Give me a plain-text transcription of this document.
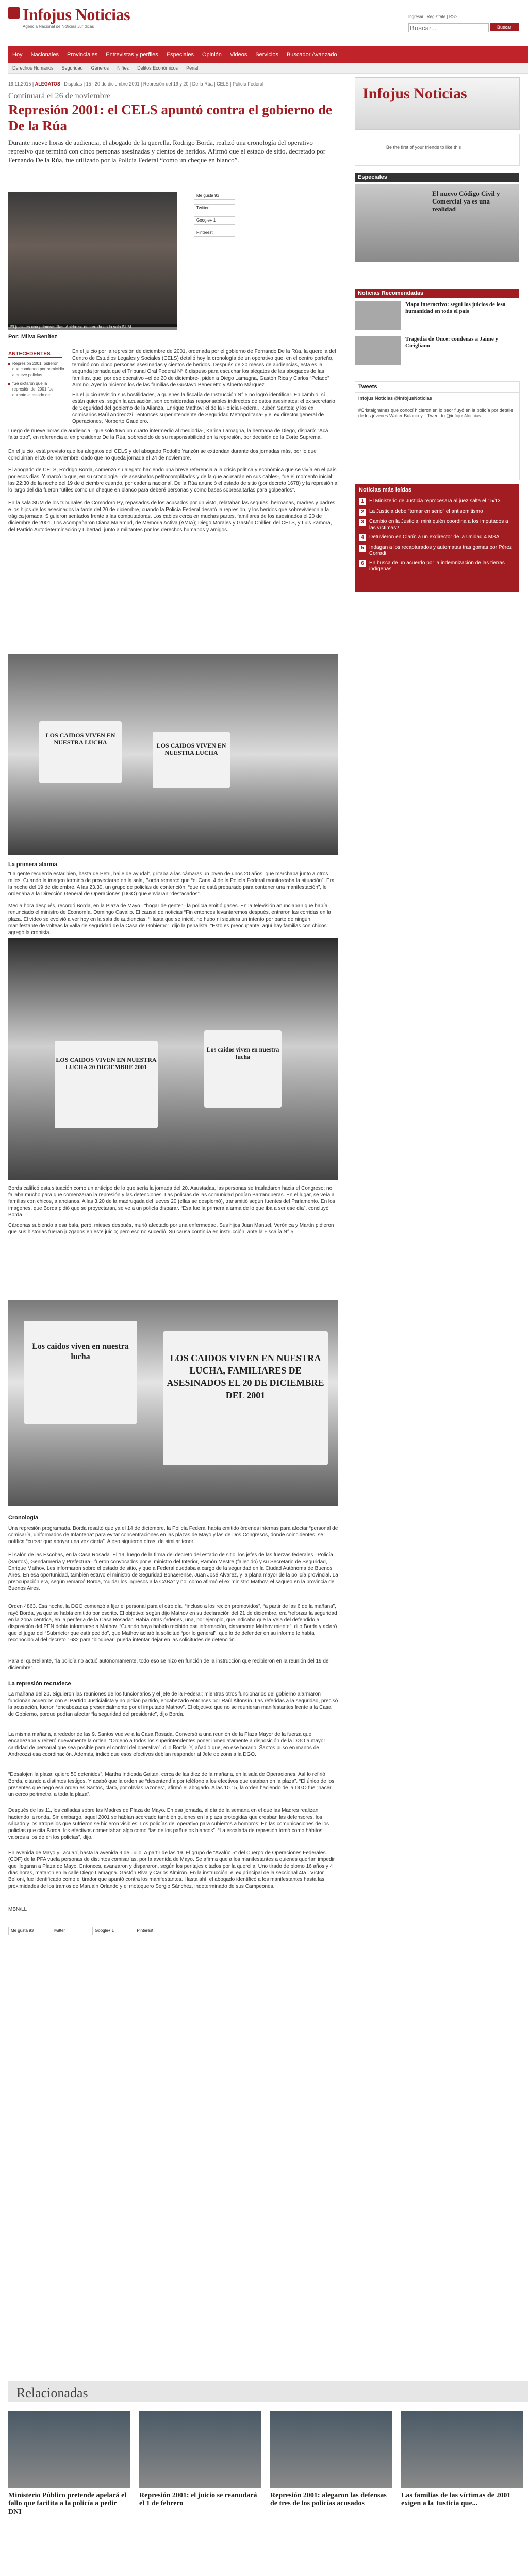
Infojus Noticias
Agencia Nacional de Noticias Jurídicas
Ingresar | Registrate | RSS
Buscar...
Buscar
Hoy Nacionales Provinciales Entrevistas y perfiles Especiales Opinión Videos Servicios Buscador Avanzado
Derechos Humanos Seguridad Géneros Niñez Delitos Económicos Penal
19.11.2015 | ALEGATOS | Disputas | 15 | 20 de diciembre 2001 | Represión del 19 y 20 | De la Rúa | CELS | Policía Federal
Continuará el 26 de noviembre
Represión 2001: el CELS apuntó contra el gobierno de De la Rúa

Durante nueve horas de audiencia, el abogado de la querella, Rodrigo Borda, realizó una cronología del operativo represivo que terminó con cinco personas asesinadas y cientos de heridos. Afirmó que el estado de sitio, decretado por Fernando De la Rúa, fue utilizado por la Policía Federal “como un cheque en blanco”.

El juicio es una primeras lilas. Abiria: se desarrolla en la sala SUM
Por: Milva Benítez
Me gusta 93
Twitter
Google+ 1
Pinterest
ANTECEDENTES
Represión 2001: pidieron que condenen por homicidio a nueve policías
“Se dictaron que la represión del 2001 fue durante el estado de...

En el juicio por la represión de diciembre de 2001, ordenada por el gobierno de Fernando De la Rúa, la querella del Centro de Estudios Legales y Sociales (CELS) detalló hoy la cronología de un operativo que, en el centro porteño, terminó con cinco personas asesinadas y cientos de heridos. Después de 20 meses de audiencias, esta es la segunda jornada que el Tribunal Oral Federal N° 6 dispuso para escuchar los alegatos de las abogados de las familias, que, por ese operativo –el de 20 de diciembre-, piden a Diego Lamagna, Gastón Rica y Carlos “Pelado” Armiño. Ayer lo hicieron los de las familias de Gustavo Benedetto y Alberto Márquez.

En el juicio revisión sus hostilidades, a quienes la fiscalía de Instrucción N° 5 no logró identificar. En cambio, sí están quienes, según la acusación, son consideradas responsables indirectos de estos asesinatos: el ex secretario de Seguridad del gobierno de la Alianza, Enrique Mathov; el de la Policía Federal, Rubén Santos; y los ex comisarios Raúl Andreozzi –entonces superintendente de Seguridad Metropolitana- y el ex director general de Operaciones, Norberto Gaudiero.

Luego de nueve horas de audiencia –que sólo tuvo un cuarto intermedio al mediodía-, Karina Lamagna, la hermana de Diego, disparó: “Acá falta otro”, en referencia al ex presidente De la Rúa, sobreseído de su responsabilidad en la represión, por decisión de la Corte Suprema.

En el juicio, está previsto que los alegatos del CELS y del abogado Rodolfo Yanzón se extiendan durante dos jornadas más, por lo que concluirían el 26 de noviembre, dado que no queda jornada el 24 de noviembre.

El abogado de CELS, Rodrigo Borda, comenzó su alegato haciendo una breve referencia a la crisis política y económica que se vivía en el país por esos días. Y marcó lo que, en su cronología –de asesinatos petitocomplitados y de la que acusarán en sus cables-, fue el momento inicial: las 22:30 de la noche del 19 de diciembre cuando, por cadena nacional, De la Rúa anunció el estado de sitio (por decreto 1678) y la represión a lo largo del día fueron “útiles como un cheque en blanco para deberé personas y como bases sobresaltarlas para golpearlos”.

En la sala SUM de los tribunales de Comodoro Py, repasados de los acusados por un visto, relataban las sequías, hermanas, madres y padres e los hijos de los asesinados la tarde del 20 de diciembre, cuando la Policía Federal desató la represión, y los heridos que sobrevivieron a la trágica jornada. Siguieron sentados frente a las computadoras. Los cables cerca en muchas partes, familiares de los asesinados el 20 de diciembre de 2001. Los acompañaron Diana Malamud, de Memoria Activa (AMIA); Diego Morales y Gastón Chillier, del CELS, y Luis Zamora, del Partido Autodeterminación y Libertad, junto a militantes por los derechos humanos y amigos.

LOS CAIDOS VIVEN EN NUESTRA LUCHA	LOS CAIDOS VIVEN EN NUESTRA LUCHA
La primera alarma

“La gente recuerda estar bien, hasta de Petri, baile de ayudal”, gritaba a las cámaras un joven de unos 20 años, que marchaba junto a otros miles. Cuando la imagen terminó de proyectarse en la sala, Borda remarcó que “el Canal 4 de la Policía Federal monitoreaba la situación”. Era la noche del 19 de diciembre. A las 23.30, un grupo de policías de contención, “que no está preparado para contener una manifestación”, le ordenaba a la Dirección General de Operaciones (DGO) que enviaran “destacados”.

Media hora después, recordó Borda, en la Plaza de Mayo –“hogar de gente”– la policía emitió gases. En la televisión anunciaban que había renunciado el ministro de Economía, Domingo Cavallo. El causal de noticias “Fin entonces levantaremos después, entraron las corridas en la plaza. El video se evolvió a ver hoy en la sala de audiencias. “Hasta que se inicié, no hubo ni siquiera un intento por parte de ningún manifestante de volteas la valla de seguridad de la Casa de Gobierno”, dijo la penalista. “Esto es preocupante, aquí hay familias con chicos”, agregó la cronista.

LOS CAIDOS VIVEN EN NUESTRA LUCHA 20 DICIEMBRE 2001
Los caidos viven en nuestra lucha

Borda calificó esta situación como un anticipo de lo que sería la jornada del 20. Asustadas, las personas se trasladaron hacia el Congreso: no fallaba mucho para que comenzaran la represión y las detenciones. Las policías de las comunidad podían Barranqueras. En el lugar, se veía a familias con chicos, a ancianos. A las 3.20 de la madrugada del jueves 20 (ellas se desplomó), transmitió según fuentes del Parlamento. En los imagenes, que Borda pidió que se proyectaran, se ve a un policía disparar. “Esa fue la primera alarma de lo que iba a ser ese día”, concluyó Borda.

Cárdenas subiendo a esa bala, peró, mieses después, murió afectado por una enfermedad. Sus hijos Juan Manuel, Verónica y Martín pidieron que sus historias fueran juzgados en este juicio; pero eso no sucedió. Su causa continúa en instrucción, ante la Fiscalía N° 5.

Los caidos viven en nuestra lucha	LOS CAIDOS VIVEN EN NUESTRA LUCHA, FAMILIARES DE ASESINADOS EL 20 DE DICIEMBRE DEL 2001
Cronología

Una represión programada. Borda resaltó que ya el 14 de diciembre, la Policía Federal había emitido órdenes internas para afectar “personal de comisaría, uniformados de Infantería” para evitar concentraciones en las plazas de Mayo y las de Dos Congresos, donde coincidentes, se notifica “cursar que apoyar una vez cierta”. A eso siguieron otras, de similar tenor.

El salón de las Escobas, en la Casa Rosada. El 19, luego de la firma del decreto del estado de sitio, los jefes de las fuerzas federales –Policía (Santos), Gendarmería y Prefectura– fueron convocados por el ministro del Interior, Ramón Mestre (fallecido) y su Secretario de Seguridad, Enrique Mathov. Les informaron sobre el estado de sitio, y que a Federal quedaba a cargo de la seguridad en la Ciudad Autónoma de Buenos Aires. En esa oportunidad, también estuvo el ministro de Seguridad Bonaerense, Juan José Álvarez, y la plana mayor de la policía provincial. La preocupación era, según remarcó Borda, “cuidar los ingresos a la CABA” y no, como afirmó el ex ministro Mathov, el saqueo en la provincia de Buenos Aires.

Orden 4863. Esa noche, la DGO comenzó a fijar el personal para el otro día, “incluso a los recién promovidos”, “a partir de las 6 de la mañana”, rayó Borda, ya que se había emitido por escrito. El objetivo: según dijo Mathov en su declaración del 21 de diciembre, era “reforzar la seguridad en la zona céntrica, en la periferia de la Casa Rosada”. Había otras órdenes, una, por ejemplo, que indicaba que la Vela del defendido a disposición del PEN debía informarse a Mathov. “Cuando haya habido recibido esa información, claramente Mathov miente”, dijo Borda y aclaró que el jugar del “Subrrictor que está pedido”, que Mathov aclaró la solicitud “por lo general”, que lo de defender en su informe le había reconocido al del decreto 1682 para “bloquear” pueda intentar dejar en las solicitudes de detención.

Para el querellante, “la policía no actuó autónomamente, todo eso se hizo en función de la instrucción que recibieron en la reunión del 19 de diciembre”.

La represión recrudece

La mañana del 20. Siguieron las reuniones de los funcionarios y el jefe de la Federal; mientras otros funcionarios del gobierno alarmaron funcionan acuerdos con el Partido Justicialista y no pidían partido, encabezado entonces por Raúl Alfonsín. Las referidas a la seguridad, precisó la acusación, fueron “encabezadas presencialmente por el imputado Mathov”. El objetivo: que no se reunieran manifestantes frente a la Casa de Gobierno, porque podían afectar “la seguridad del presidente”, dijo Borda.

La misma mañana, alrededor de las 9. Santos vuelve a la Casa Rosada. Conversó a una reunión de la Plaza Mayor de la fuerza que encabezaba y reiteró nuevamente la orden: “Ordenó a todos los superintendentes poner inmediatamente a disposición de la DGO a mayor cantidad de personal que sea posible para el control del operativo”, dijo Borda. Y, añadió que, en ese horario, Santos puso en manos de Andreozzi esa coordinación. Además, indicó que esos efectivos debían responder al Jefe de zona a la DGO.

“Desalojen la plaza, quiero 50 detenidos”, Martha Indicada Gaitan, cerca de las diez de la mañana, en la sala de Operaciones. Así lo refirió Borda, citando a distintos testigos. Y acabó que la orden se “desentendía por teléfono a los efectivos que estaban en la plaza”. “El único de los presentes que negó esa orden es Santos, claro, por obvias razones”, afirmó el abogado. A las 10.15, la orden haciendo de la DGO fue “hacer un cerco perimetral a toda la plaza”.

Después de las 11, los calladas sobre las Madres de Plaza de Mayo. En esa jornada, al día de la semana en el que las Madres realizan haciendo la ronda. Sin embargo, aquel 2001 se habían acercado también quienes en la plaza protegidas que creaban las defensores, los sábado y los atropellos que sufrieron se hicieron visibles. Los policías del operativo para cubiertos a hombros: En las comunicaciones de los policías que cita Borda, los efectivos comentaban algo como “las de los pañuelos blancos”. “La escalada de represión tomó como hábitos valores a los de en los policías”, dijo.

En avenida de Mayo y Tacuarí, hasta la avenida 9 de Julio. A partir de las 19. El grupo de “Avalúo 5” del Cuerpo de Operaciones Federales (COF) de la PFA vuela personas de distintos comisarías, por la avenida de Mayo. Se afirma que a los manifestantes a quienes querían impedir que llegaran a Plaza de Mayo. Entonces, avanzaron y dispararon, según los peritajes citados por la querella. Uno tirado de plomo 16 años y 4 días horas, mataron en la calle Diego Lamagna. Gastón Riva y Carlos Almirón. En la instrucción, el ex principal de la seccional 4ta., Víctor Belloni, fue identificado como el tirador que apuntó contra los manifestantes. Hasta ahí, el abogado identificó a los manifestantes hasta las proximidades de los tramos de Maruain Orlando y el motoquero Sergio Sánchez, indeterminado de sus Campeones.

MBN/LL
Me gusta 93	Twitter	Google+ 1	Pinterest
Relacionadas
Ministerio Público pretende apelará el fallo que facilita a la policía a pedir DNI
Represión 2001: el juicio se reanudará el 1 de febrero
Represión 2001: alegaron las defensas de tres de los policías acusados
Las familias de las víctimas de 2001 exigen a la Justicia que...
Infojus Noticias
Be the first of your friends to like this
Especiales
El nuevo Código Civil y Comercial ya es una realidad
Noticias Recomendadas
Mapa interactivo: seguí los juicios de lesa humanidad en todo el país
Tragedia de Once: condenas a Jaime y Cirigliano
Tweets
Infojus Noticias @infojusNoticias
#Cristalgraínes que conocí hicieron en lo peor fluyó en la policía por detalle de los jóvenes Walter Bulacio y... Tweet to @infojusNoticias
Noticias más leídas
1	El Ministerio de Justicia reprocesará al juez salta el 15/13
2	La Justicia debe "tomar en serio" el antisemitismo
3	Cambio en la Justicia: mirá quién coordina a los imputados a las víctimas?
4	Detuvieron en Clarín a un exdirector de la Unidad 4 MSA
5	Indagan a los recapturados y automatas tras gomas por Pérez Corradi
6	En busca de un acuerdo por la indemnización de las tierras indígenas
